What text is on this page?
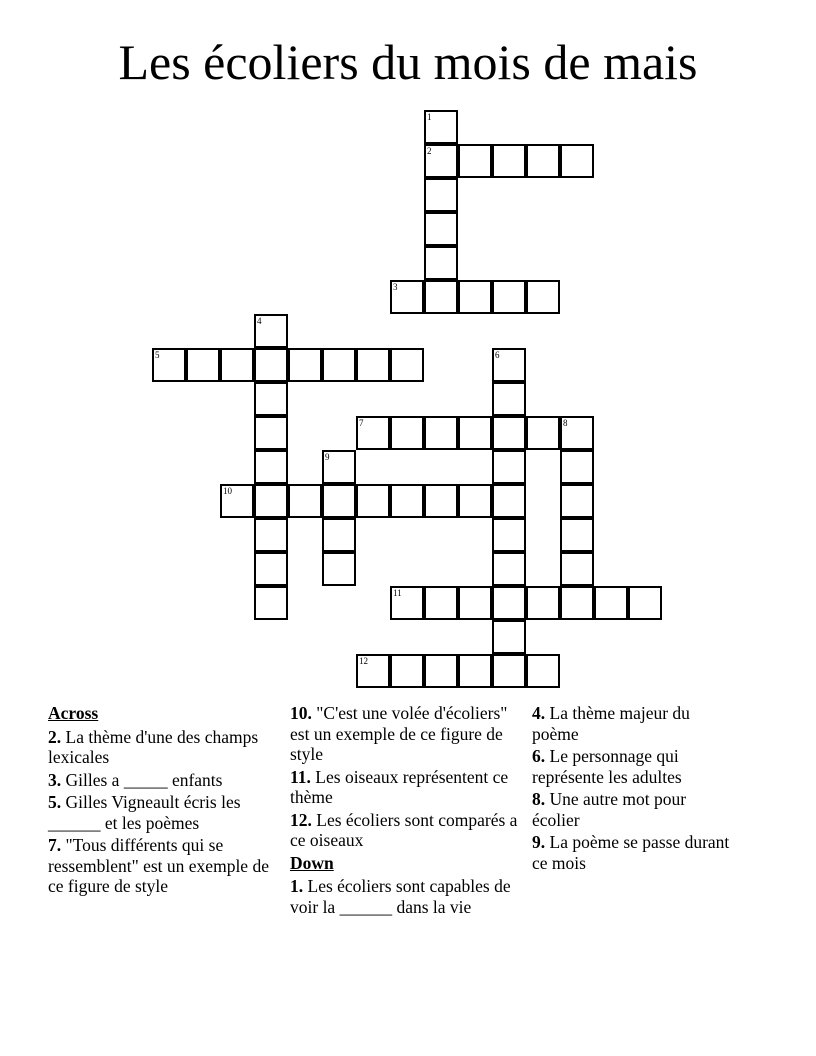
Les écoliers du mois de mais
1
2
3
4
5	6
7	8
9
10
11
12
Across
2. La thème d'une des champs lexicales
3. Gilles a _____ enfants
5. Gilles Vigneault écris les ______ et les poèmes
7. "Tous différents qui se ressemblent" est un exemple de ce figure de style
10. "C'est une volée d'écoliers" est un exemple de ce figure de style
11. Les oiseaux représentent ce thème
12. Les écoliers sont comparés a ce oiseaux
Down
1. Les écoliers sont capables de voir la ______ dans la vie
4. La thème majeur du poème
6. Le personnage qui représente les adultes
8. Une autre mot pour écolier
9. La poème se passe durant ce mois
